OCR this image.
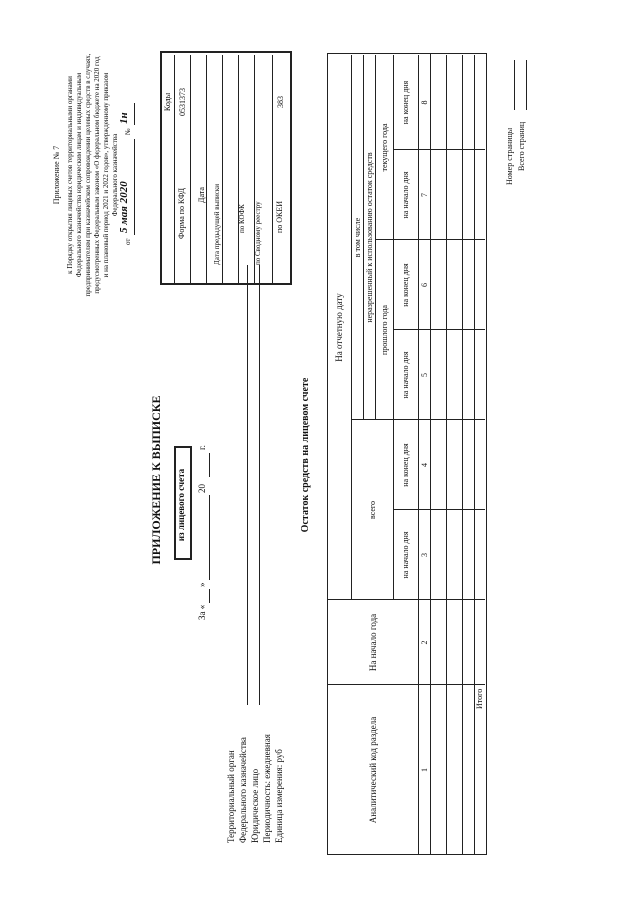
Приложение № 7 к Порядку открытия лицевых счетов территориальными органами Федерального казначейства юридическим лицам и индивидуальным предпринимателям при казначейском сопровождении целевых средств в случаях, предусмотренных Федеральным законом «О федеральном бюджете на 2020 год и на плановый период 2021 и 2022 годов», утвержденному приказом Федерального казначейства
от
5 мая 2020
№
1н
Коды 0531373
Форма по КФД Дата Дата предыдущей выписки по КОФК по Сводному реестру по ОКЕИ
383
ПРИЛОЖЕНИЕ К ВЫПИСКЕ из лицевого счета
За «
»
20
г.
Территориальный орган Федерального казначейства Юридическое лицо Периодичность: ежедневная Единица измерения: руб
Остаток средств на лицевом счете
Аналитический код раздела
На начало года
На отчетную дату
всего
в том числе неразрешенный к использованию остаток средств
прошлого года
текущего года
на начало дня
на конец дня
на начало дня
на конец дня
на начало дня
на конец дня
1
2
3
4
5
6
7
8
Итого
Номер страницы Всего страниц
